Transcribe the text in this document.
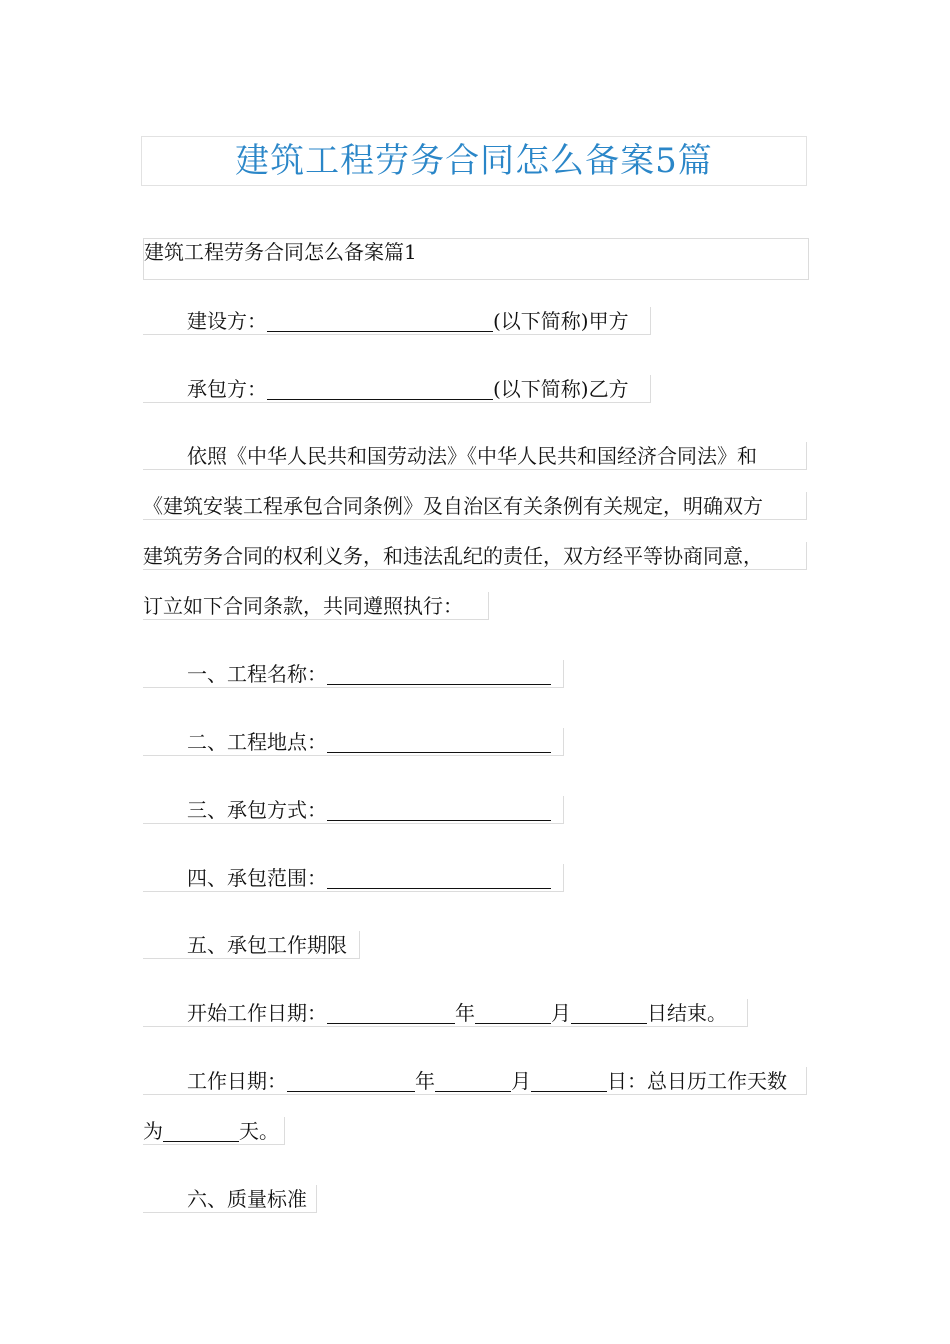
建筑工程劳务合同怎么备案5篇
建筑工程劳务合同怎么备案篇1
建设方：	(以下简称)甲方
承包方：	(以下简称)乙方
依照《中华人民共和国劳动法》《中华人民共和国经济合同法》和
《建筑安装工程承包合同条例》及自治区有关条例有关规定，明确双方
建筑劳务合同的权利义务，和违法乱纪的责任，双方经平等协商同意，
订立如下合同条款，共同遵照执行：
一、工程名称：
二、工程地点：
三、承包方式：
四、承包范围：
五、承包工作期限
开始工作日期：	年	月	日结束。
工作日期：	年	月	日：总日历工作天数
为	天。
六、质量标准
